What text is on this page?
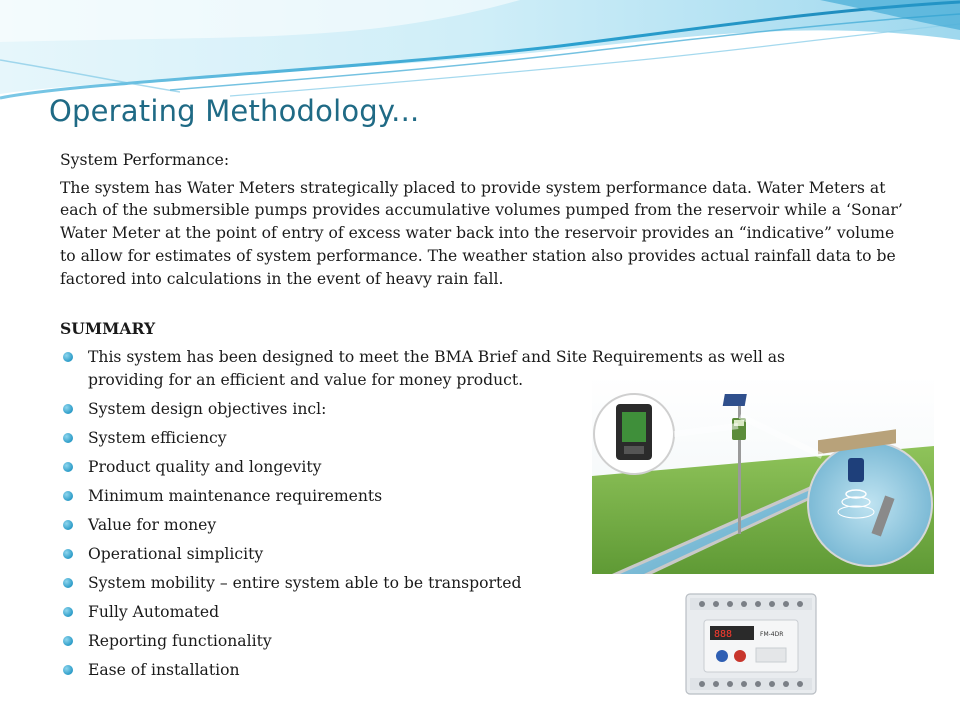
Operating Methodology...

System Performance:

The system has Water Meters strategically placed to provide system performance data. Water Meters at each of the submersible pumps provides accumulative volumes pumped from the reservoir while a ‘Sonar’ Water Meter at the point of entry of excess water back into the reservoir provides an “indicative” volume to allow for estimates of system performance. The weather station also provides actual rainfall data to be factored into calculations in the event of heavy rain fall.

SUMMARY

This system has been designed to meet the BMA Brief and Site Requirements as well as providing for an efficient and value for money product.
System design objectives incl:
System efficiency
Product quality and longevity
Minimum maintenance requirements
Value for money
Operational simplicity
System mobility – entire system able to be transported
Fully Automated
Reporting functionality
Ease of installation
888	FM-4DR
